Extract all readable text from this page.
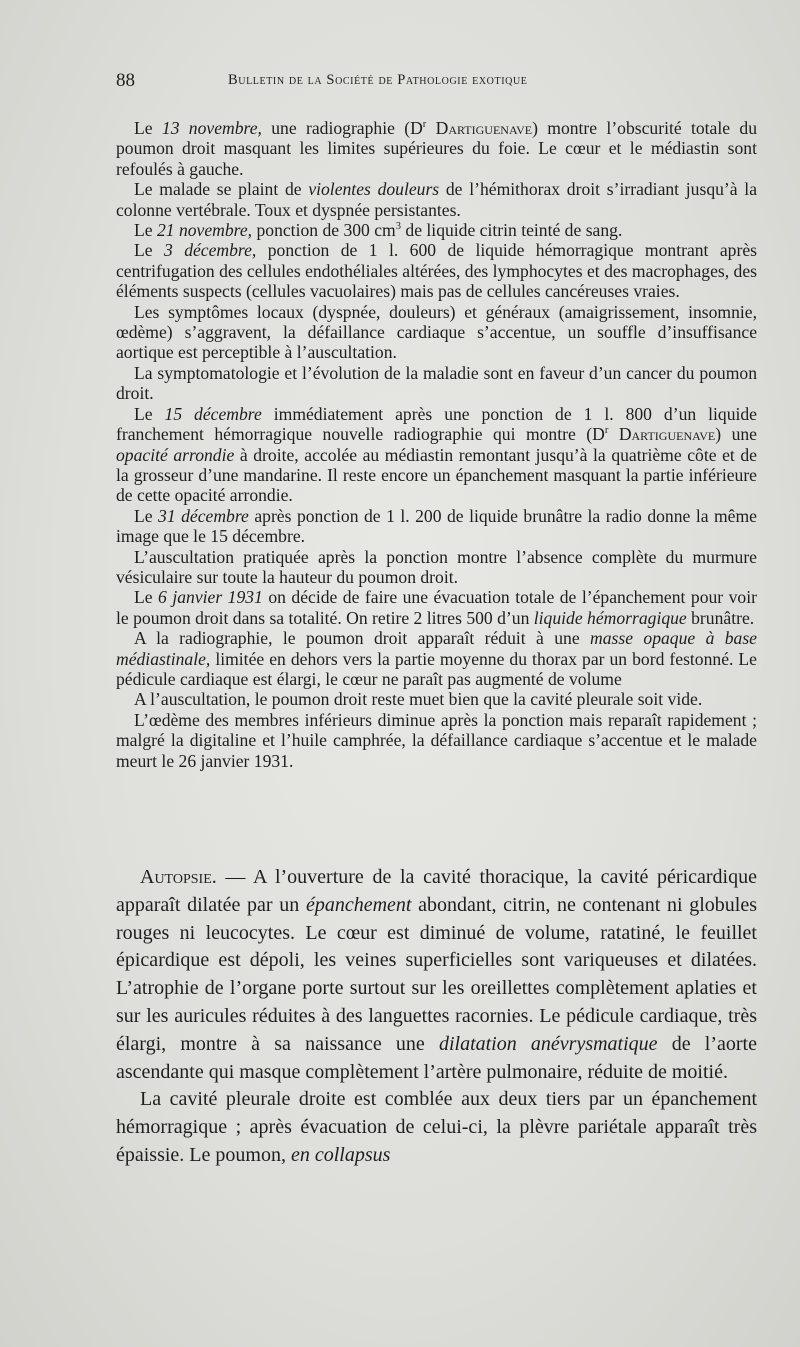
88	Bulletin de la Société de Pathologie exotique

Le 13 novembre, une radiographie ($D^r$ Dartiguenave) montre l’obscurité totale du poumon droit masquant les limites supérieures du foie. Le cœur et le médiastin sont refoulés à gauche.

Le malade se plaint de violentes douleurs de l’hémithorax droit s’irradiant jusqu’à la colonne vertébrale. Toux et dyspnée persistantes.

Le 21 novembre, ponction de 300 $cm^3$ de liquide citrin teinté de sang.

Le 3 décembre, ponction de 1 l. 600 de liquide hémorragique montrant après centrifugation des cellules endothéliales altérées, des lymphocytes et des macrophages, des éléments suspects (cellules vacuolaires) mais pas de cellules cancéreuses vraies.

Les symptômes locaux (dyspnée, douleurs) et généraux (amaigrissement, insomnie, œdème) s’aggravent, la défaillance cardiaque s’accentue, un souffle d’insuffisance aortique est perceptible à l’auscultation.

La symptomatologie et l’évolution de la maladie sont en faveur d’un cancer du poumon droit.

Le 15 décembre immédiatement après une ponction de 1 l. 800 d’un liquide franchement hémorragique nouvelle radiographie qui montre ($D^r$ Dartiguenave) une opacité arrondie à droite, accolée au médiastin remontant jusqu’à la quatrième côte et de la grosseur d’une mandarine. Il reste encore un épanchement masquant la partie inférieure de cette opacité arrondie.

Le 31 décembre après ponction de 1 l. 200 de liquide brunâtre la radio donne la même image que le 15 décembre.

L’auscultation pratiquée après la ponction montre l’absence complète du murmure vésiculaire sur toute la hauteur du poumon droit.

Le 6 janvier 1931 on décide de faire une évacuation totale de l’épanchement pour voir le poumon droit dans sa totalité. On retire 2 litres 500 d’un liquide hémorragique brunâtre.

A la radiographie, le poumon droit apparaît réduit à une masse opaque à base médiastinale, limitée en dehors vers la partie moyenne du thorax par un bord festonné. Le pédicule cardiaque est élargi, le cœur ne paraît pas augmenté de volume

A l’auscultation, le poumon droit reste muet bien que la cavité pleurale soit vide.

L’œdème des membres inférieurs diminue après la ponction mais reparaît rapidement ; malgré la digitaline et l’huile camphrée, la défaillance cardiaque s’accentue et le malade meurt le 26 janvier 1931.

Autopsie. — A l’ouverture de la cavité thoracique, la cavité péricardique apparaît dilatée par un épanchement abondant, citrin, ne contenant ni globules rouges ni leucocytes. Le cœur est diminué de volume, ratatiné, le feuillet épicardique est dépoli, les veines superficielles sont variqueuses et dilatées. L’atrophie de l’organe porte surtout sur les oreillettes complètement aplaties et sur les auricules réduites à des languettes racornies. Le pédicule cardiaque, très élargi, montre à sa naissance une dilatation anévrysmatique de l’aorte ascendante qui masque complètement l’artère pulmonaire, réduite de moitié.

La cavité pleurale droite est comblée aux deux tiers par un épanchement hémorragique ; après évacuation de celui-ci, la plèvre pariétale apparaît très épaissie. Le poumon, en collapsus
